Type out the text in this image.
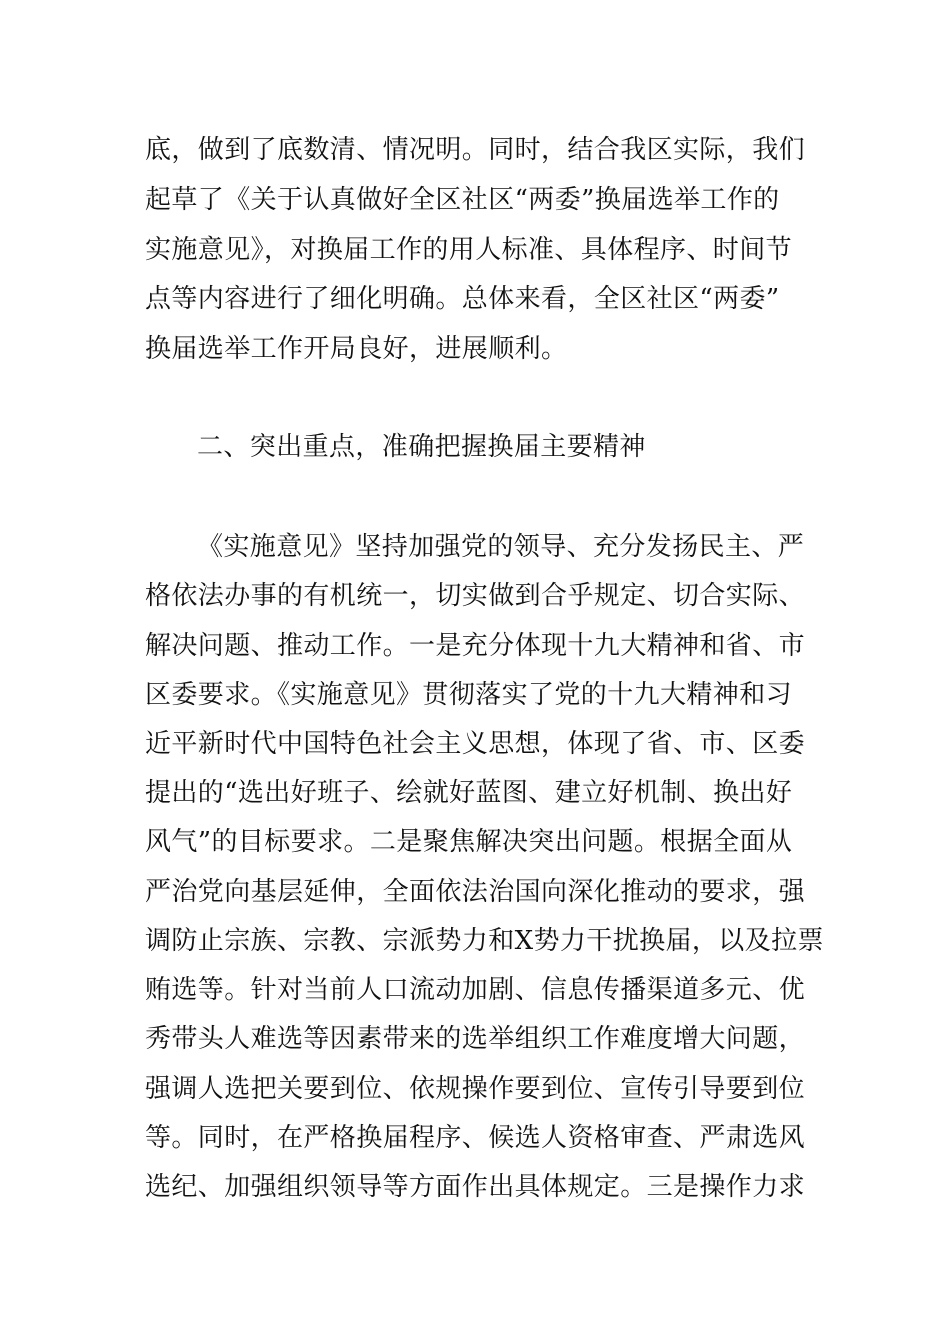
底，做到了底数清、情况明。同时，结合我区实际，我们
起草了《关于认真做好全区社区“两委”换届选举工作的
实施意见》，对换届工作的用人标准、具体程序、时间节
点等内容进行了细化明确。总体来看，全区社区“两委”
换届选举工作开局良好，进展顺利。
二、突出重点，准确把握换届主要精神
《实施意见》坚持加强党的领导、充分发扬民主、严
格依法办事的有机统一，切实做到合乎规定、切合实际、
解决问题、推动工作。一是充分体现十九大精神和省、市
区委要求。《实施意见》贯彻落实了党的十九大精神和习
近平新时代中国特色社会主义思想，体现了省、市、区委
提出的“选出好班子、绘就好蓝图、建立好机制、换出好
风气”的目标要求。二是聚焦解决突出问题。根据全面从
严治党向基层延伸，全面依法治国向深化推动的要求，强
调防止宗族、宗教、宗派势力和X势力干扰换届，以及拉票
贿选等。针对当前人口流动加剧、信息传播渠道多元、优
秀带头人难选等因素带来的选举组织工作难度增大问题，
强调人选把关要到位、依规操作要到位、宣传引导要到位
等。同时，在严格换届程序、候选人资格审查、严肃选风
选纪、加强组织领导等方面作出具体规定。三是操作力求
